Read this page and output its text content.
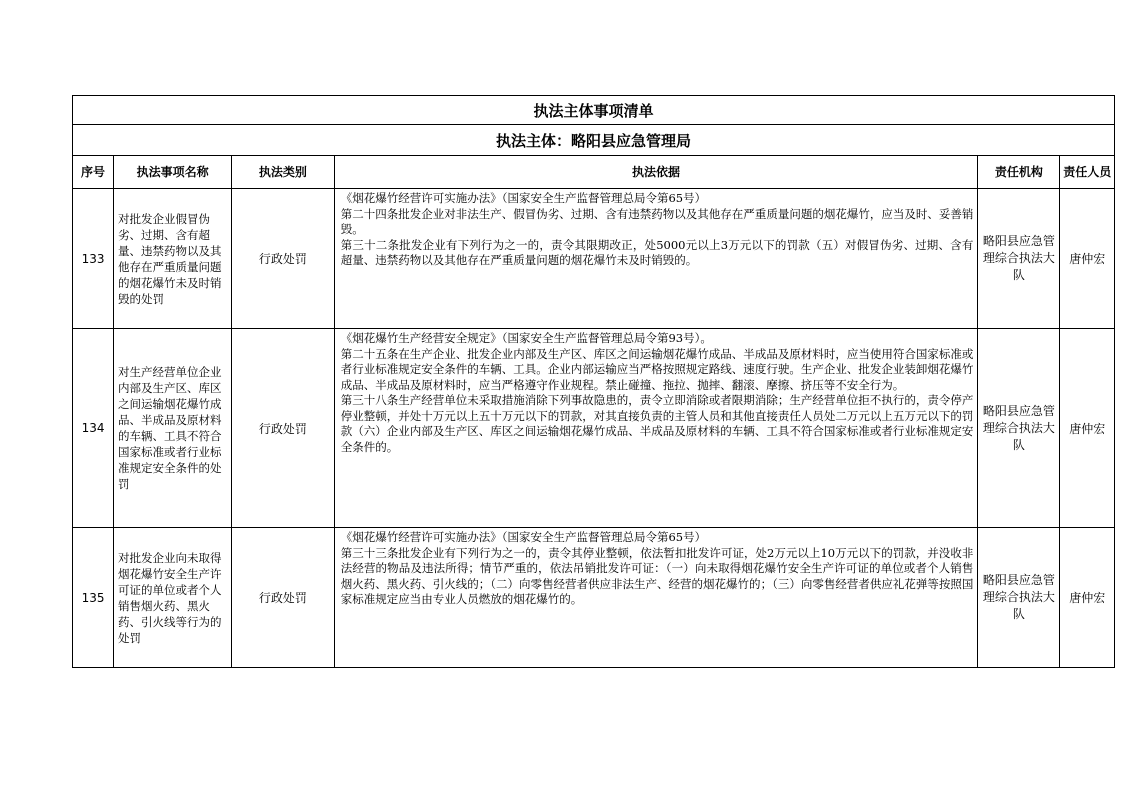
执法主体事项清单					
执法主体：略阳县应急管理局					
序号	执法事项名称	执法类别	执法依据	责任机构	责任人员
133	对批发企业假冒伪劣、过期、含有超量、违禁药物以及其他存在严重质量问题的烟花爆竹未及时销毁的处罚	行政处罚	《烟花爆竹经营许可实施办法》（国家安全生产监督管理总局令第65号）
第二十四条批发企业对非法生产、假冒伪劣、过期、含有违禁药物以及其他存在严重质量问题的烟花爆竹，应当及时、妥善销毁。
第三十二条批发企业有下列行为之一的，责令其限期改正，处5000元以上3万元以下的罚款（五）对假冒伪劣、过期、含有超量、违禁药物以及其他存在严重质量问题的烟花爆竹未及时销毁的。	略阳县应急管理综合执法大队	唐仲宏
134	对生产经营单位企业内部及生产区、库区之间运输烟花爆竹成品、半成品及原材料的车辆、工具不符合国家标准或者行业标准规定安全条件的处罚	行政处罚	《烟花爆竹生产经营安全规定》（国家安全生产监督管理总局令第93号）。
第二十五条在生产企业、批发企业内部及生产区、库区之间运输烟花爆竹成品、半成品及原材料时，应当使用符合国家标准或者行业标准规定安全条件的车辆、工具。企业内部运输应当严格按照规定路线、速度行驶。生产企业、批发企业装卸烟花爆竹成品、半成品及原材料时，应当严格遵守作业规程。禁止碰撞、拖拉、抛摔、翻滚、摩擦、挤压等不安全行为。
第三十八条生产经营单位未采取措施消除下列事故隐患的，责令立即消除或者限期消除；生产经营单位拒不执行的，责令停产停业整顿，并处十万元以上五十万元以下的罚款，对其直接负责的主管人员和其他直接责任人员处二万元以上五万元以下的罚款（六）企业内部及生产区、库区之间运输烟花爆竹成品、半成品及原材料的车辆、工具不符合国家标准或者行业标准规定安全条件的。	略阳县应急管理综合执法大队	唐仲宏
135	对批发企业向未取得烟花爆竹安全生产许可证的单位或者个人销售烟火药、黑火药、引火线等行为的处罚	行政处罚	《烟花爆竹经营许可实施办法》（国家安全生产监督管理总局令第65号）
第三十三条批发企业有下列行为之一的，责令其停业整顿，依法暂扣批发许可证，处2万元以上10万元以下的罚款，并没收非法经营的物品及违法所得；情节严重的，依法吊销批发许可证：（一）向未取得烟花爆竹安全生产许可证的单位或者个人销售烟火药、黑火药、引火线的；（二）向零售经营者供应非法生产、经营的烟花爆竹的；（三）向零售经营者供应礼花弹等按照国家标准规定应当由专业人员燃放的烟花爆竹的。	略阳县应急管理综合执法大队	唐仲宏
